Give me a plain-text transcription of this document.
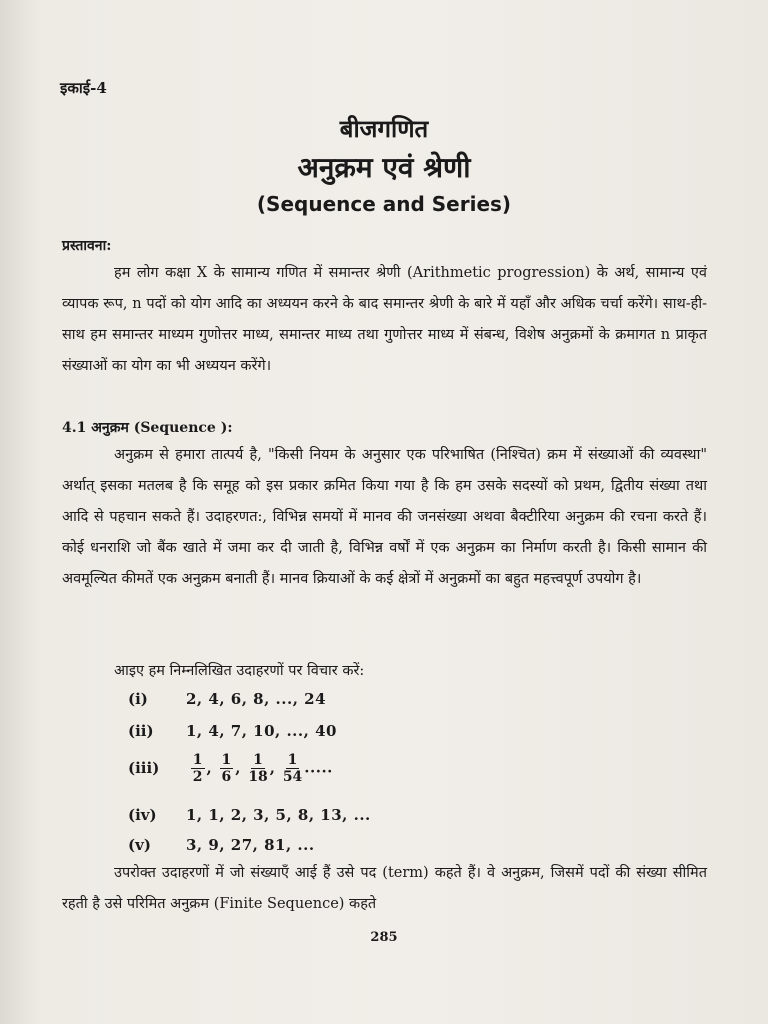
इकाई-4
बीजगणित
अनुक्रम एवं श्रेणी
(Sequence and Series)
प्रस्तावना:
हम लोग कक्षा X के सामान्य गणित में समान्तर श्रेणी (Arithmetic progression) के अर्थ, सामान्य एवं व्यापक रूप, n पदों को योग आदि का अध्ययन करने के बाद समान्तर श्रेणी के बारे में यहाँ और अधिक चर्चा करेंगे। साथ-ही-साथ हम समान्तर माध्यम गुणोत्तर माध्य, समान्तर माध्य तथा गुणोत्तर माध्य में संबन्ध, विशेष अनुक्रमों के क्रमागत n प्राकृत संख्याओं का योग का भी अध्ययन करेंगे।
4.1 अनुक्रम (Sequence ):
अनुक्रम से हमारा तात्पर्य है, "किसी नियम के अनुसार एक परिभाषित (निश्चित) क्रम में संख्याओं की व्यवस्था" अर्थात् इसका मतलब है कि समूह को इस प्रकार क्रमित किया गया है कि हम उसके सदस्यों को प्रथम, द्वितीय संख्या तथा आदि से पहचान सकते हैं। उदाहरणत:, विभिन्न समयों में मानव की जनसंख्या अथवा बैक्टीरिया अनुक्रम की रचना करते हैं। कोई धनराशि जो बैंक खाते में जमा कर दी जाती है, विभिन्न वर्षों में एक अनुक्रम का निर्माण करती है। किसी सामान की अवमूल्यित कीमतें एक अनुक्रम बनाती हैं। मानव क्रियाओं के कई क्षेत्रों में अनुक्रमों का बहुत महत्त्वपूर्ण उपयोग है।
आइए हम निम्नलिखित उदाहरणों पर विचार करें:
(i)	2, 4, 6, 8, ..., 24
(ii) 1, 4, 7, 10, ..., 40
$(iii) \frac{1}{2}$ , $\frac{1}{6}$ , $\frac{1}{18}$ , $\frac{1}{54}$ .....
(iv) 1, 1, 2, 3, 5, 8, 13, ...
(v) 3, 9, 27, 81, ...
उपरोक्त उदाहरणों में जो संख्याएँ आई हैं उसे पद (term) कहते हैं। वे अनुक्रम, जिसमें पदों की संख्या सीमित रहती है उसे परिमित अनुक्रम (Finite Sequence) कहते
285
